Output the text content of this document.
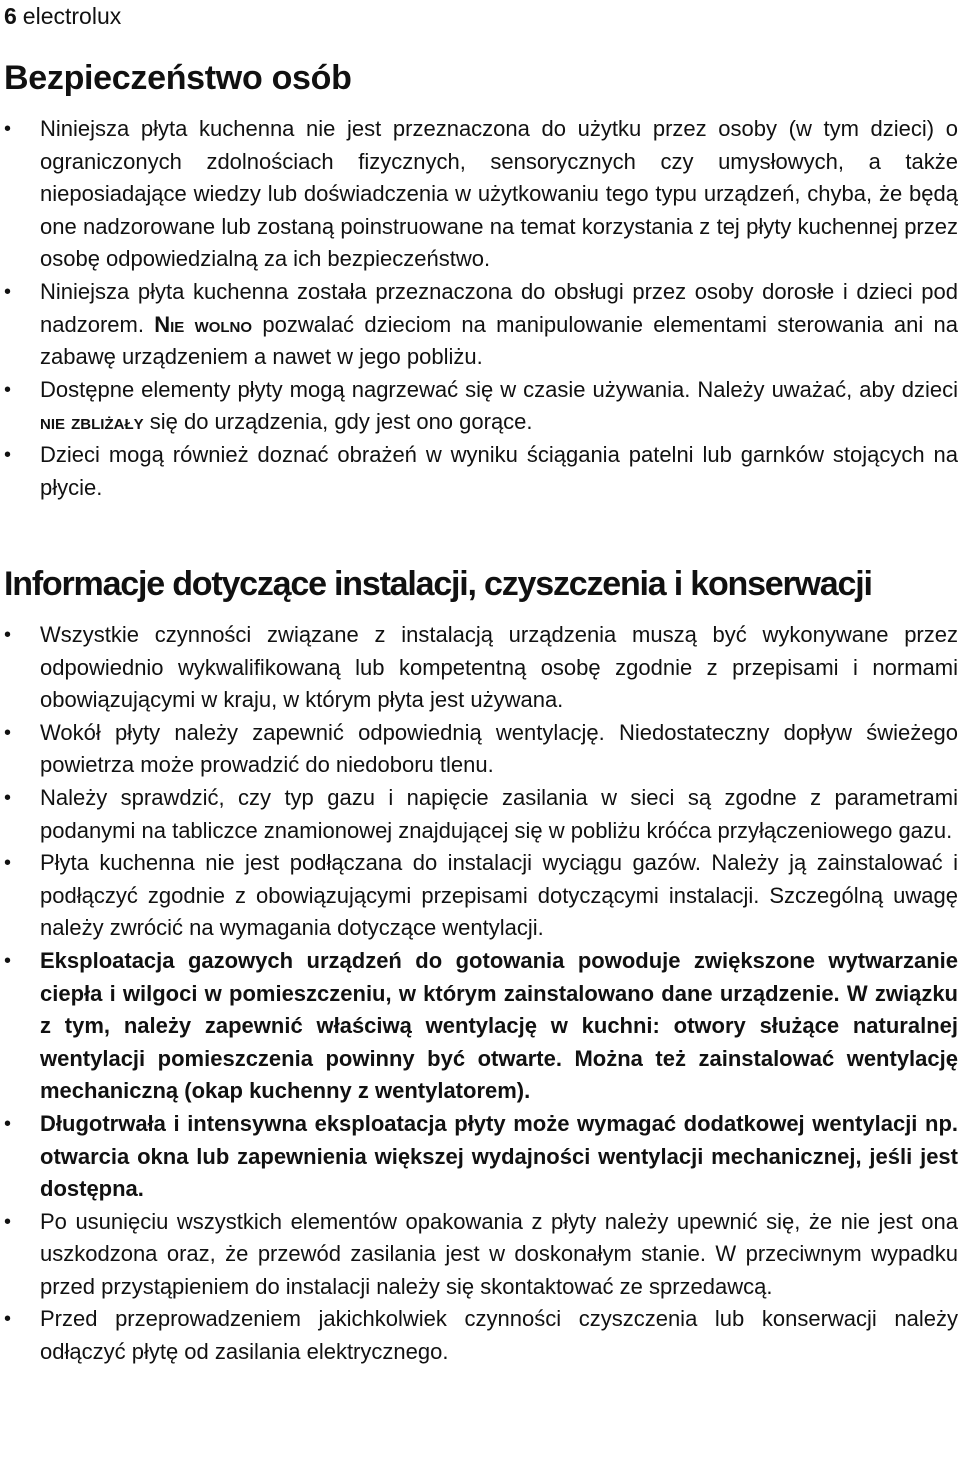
6 electrolux
Bezpieczeństwo osób
• Niniejsza płyta kuchenna nie jest przeznaczona do użytku przez osoby (w tym dzieci) o ograniczonych zdolnościach fizycznych, sensorycznych czy umysłowych, a także nieposiadające wiedzy lub doświadczenia w użytkowaniu tego typu urządzeń, chyba, że będą one nadzorowane lub zostaną poinstruowane na temat korzystania z tej płyty kuchennej przez osobę odpowiedzialną za ich bezpieczeństwo.
• Niniejsza płyta kuchenna została przeznaczona do obsługi przez osoby dorosłe i dzieci pod nadzorem. Nie wolno pozwalać dzieciom na manipulowanie elementami sterowania ani na zabawę urządzeniem a nawet w jego pobliżu.
• Dostępne elementy płyty mogą nagrzewać się w czasie używania. Należy uważać, aby dzieci nie zbliżały się do urządzenia, gdy jest ono gorące.
• Dzieci mogą również doznać obrażeń w wyniku ściągania patelni lub garnków stojących na płycie.
Informacje dotyczące instalacji, czyszczenia i konserwacji
• Wszystkie czynności związane z instalacją urządzenia muszą być wykonywane przez odpowiednio wykwalifikowaną lub kompetentną osobę zgodnie z przepisami i normami obowiązującymi w kraju, w którym płyta jest używana.
• Wokół płyty należy zapewnić odpowiednią wentylację. Niedostateczny dopływ świeżego powietrza może prowadzić do niedoboru tlenu.
• Należy sprawdzić, czy typ gazu i napięcie zasilania w sieci są zgodne z parametrami podanymi na tabliczce znamionowej znajdującej się w pobliżu króćca przyłączeniowego gazu.
• Płyta kuchenna nie jest podłączana do instalacji wyciągu gazów. Należy ją zainstalować i podłączyć zgodnie z obowiązującymi przepisami dotyczącymi instalacji. Szczególną uwagę należy zwrócić na wymagania dotyczące wentylacji.
• Eksploatacja gazowych urządzeń do gotowania powoduje zwiększone wytwarzanie ciepła i wilgoci w pomieszczeniu, w którym zainstalowano dane urządzenie. W związku z tym, należy zapewnić właściwą wentylację w kuchni: otwory służące naturalnej wentylacji pomieszczenia powinny być otwarte. Można też zainstalować wentylację mechaniczną (okap kuchenny z wentylatorem).
• Długotrwała i intensywna eksploatacja płyty może wymagać dodatkowej wentylacji np. otwarcia okna lub zapewnienia większej wydajności wentylacji mechanicznej, jeśli jest dostępna.
• Po usunięciu wszystkich elementów opakowania z płyty należy upewnić się, że nie jest ona uszkodzona oraz, że przewód zasilania jest w doskonałym stanie. W przeciwnym wypadku przed przystąpieniem do instalacji należy się skontaktować ze sprzedawcą.
• Przed przeprowadzeniem jakichkolwiek czynności czyszczenia lub konserwacji należy odłączyć płytę od zasilania elektrycznego.
